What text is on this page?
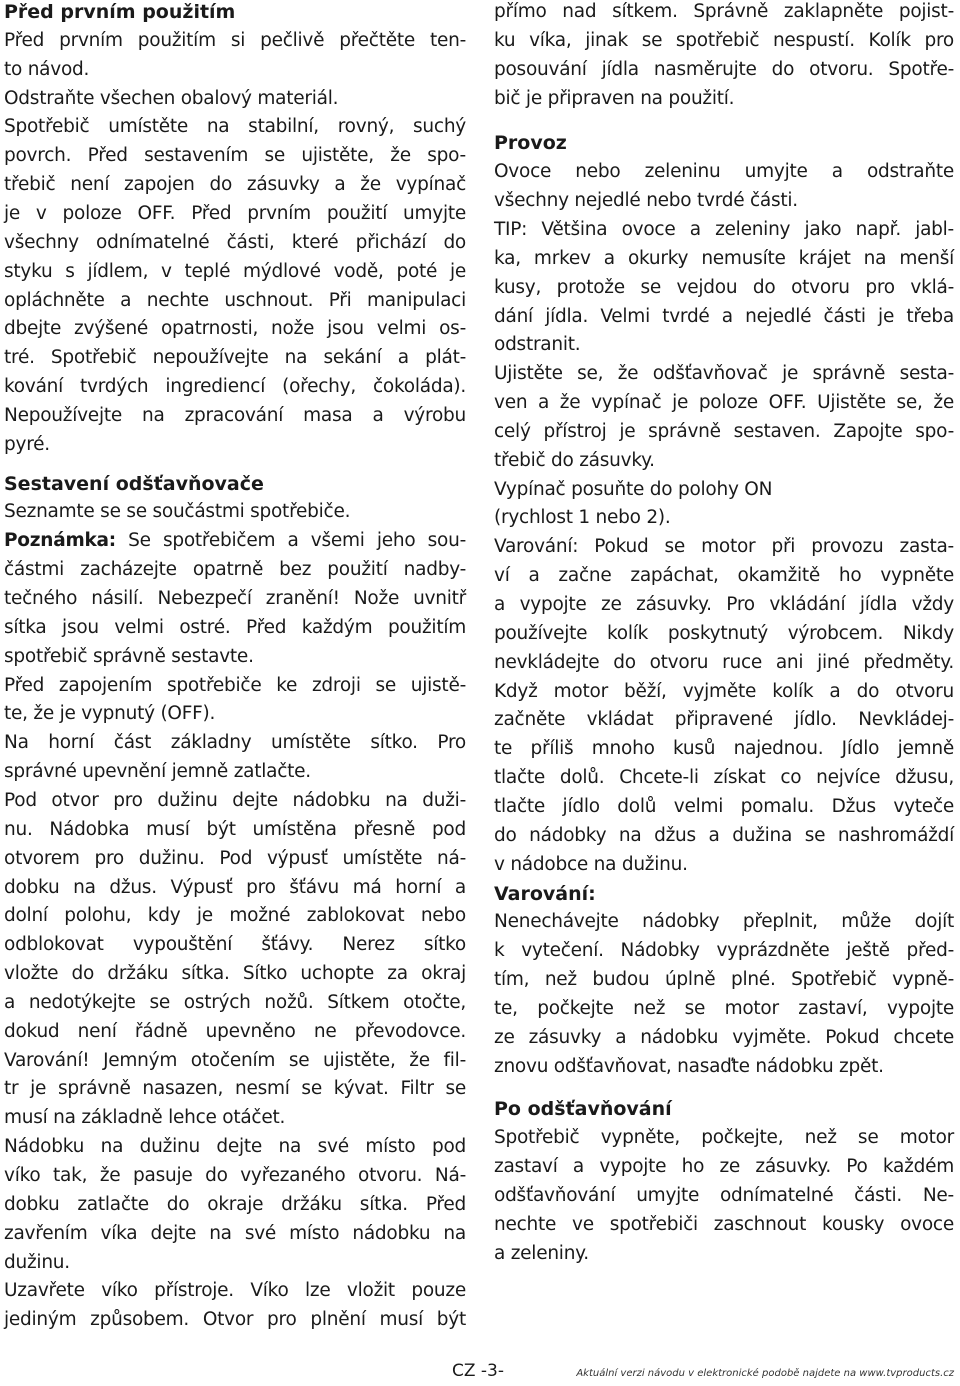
Před prvním použitím
Před prvním použitím si pečlivě přečtěte ten-
to návod.
Odstraňte všechen obalový materiál.
Spotřebič umístěte na stabilní, rovný, suchý
povrch. Před sestavením se ujistěte, že spo-
třebič není zapojen do zásuvky a že vypínač
je v poloze OFF. Před prvním použití umyjte
všechny odnímatelné části, které přichází do
styku s jídlem, v teplé mýdlové vodě, poté je
opláchněte a nechte uschnout. Při manipulaci
dbejte zvýšené opatrnosti, nože jsou velmi os-
tré. Spotřebič nepoužívejte na sekání a plát-
kování tvrdých ingrediencí (ořechy, čokoláda).
Nepoužívejte na zpracování masa a výrobu
pyré.
Sestavení odšťavňovače
Seznamte se se součástmi spotřebiče.
Poznámka: Se spotřebičem a všemi jeho sou-
částmi zacházejte opatrně bez použití nadby-
tečného násilí. Nebezpečí zranění! Nože uvnitř
sítka jsou velmi ostré. Před každým použitím
spotřebič správně sestavte.
Před zapojením spotřebiče ke zdroji se ujistě-
te, že je vypnutý (OFF).
Na horní část základny umístěte sítko. Pro
správné upevnění jemně zatlačte.
Pod otvor pro dužinu dejte nádobku na duži-
nu. Nádobka musí být umístěna přesně pod
otvorem pro dužinu. Pod výpusť umístěte ná-
dobku na džus. Výpusť pro šťávu má horní a
dolní polohu, kdy je možné zablokovat nebo
odblokovat vypouštění šťávy. Nerez sítko
vložte do držáku sítka. Sítko uchopte za okraj
a nedotýkejte se ostrých nožů. Sítkem otočte,
dokud není řádně upevněno ne převodovce.
Varování! Jemným otočením se ujistěte, že fil-
tr je správně nasazen, nesmí se kývat. Filtr se
musí na základně lehce otáčet.
Nádobku na dužinu dejte na své místo pod
víko tak, že pasuje do vyřezaného otvoru. Ná-
dobku zatlačte do okraje držáku sítka. Před
zavřením víka dejte na své místo nádobku na
dužinu.
Uzavřete víko přístroje. Víko lze vložit pouze
jediným způsobem. Otvor pro plnění musí být
přímo nad sítkem. Správně zaklapněte pojist-
ku víka, jinak se spotřebič nespustí. Kolík pro
posouvání jídla nasměrujte do otvoru. Spotře-
bič je připraven na použití.
Provoz
Ovoce nebo zeleninu umyjte a odstraňte
všechny nejedlé nebo tvrdé části.
TIP: Většina ovoce a zeleniny jako např. jabl-
ka, mrkev a okurky nemusíte krájet na menší
kusy, protože se vejdou do otvoru pro vklá-
dání jídla. Velmi tvrdé a nejedlé části je třeba
odstranit.
Ujistěte se, že odšťavňovač je správně sesta-
ven a že vypínač je poloze OFF. Ujistěte se, že
celý přístroj je správně sestaven. Zapojte spo-
třebič do zásuvky.
Vypínač posuňte do polohy ON
(rychlost 1 nebo 2).
Varování: Pokud se motor při provozu zasta-
ví a začne zapáchat, okamžitě ho vypněte
a vypojte ze zásuvky. Pro vkládání jídla vždy
používejte kolík poskytnutý výrobcem. Nikdy
nevkládejte do otvoru ruce ani jiné předměty.
Když motor běží, vyjměte kolík a do otvoru
začněte vkládat připravené jídlo. Nevkládej-
te příliš mnoho kusů najednou. Jídlo jemně
tlačte dolů. Chcete-li získat co nejvíce džusu,
tlačte jídlo dolů velmi pomalu. Džus vyteče
do nádobky na džus a dužina se nashromáždí
v nádobce na dužinu.
Varování:
Nenechávejte nádobky přeplnit, může dojít
k vytečení. Nádobky vyprázdněte ještě před-
tím, než budou úplně plné. Spotřebič vypně-
te, počkejte než se motor zastaví, vypojte
ze zásuvky a nádobku vyjměte. Pokud chcete
znovu odšťavňovat, nasaďte nádobku zpět.
Po odšťavňování
Spotřebič vypněte, počkejte, než se motor
zastaví a vypojte ho ze zásuvky. Po každém
odšťavňování umyjte odnímatelné části. Ne-
nechte ve spotřebiči zaschnout kousky ovoce
a zeleniny.
CZ -3-	Aktuální verzi návodu v elektronické podobě najdete na www.tvproducts.cz
